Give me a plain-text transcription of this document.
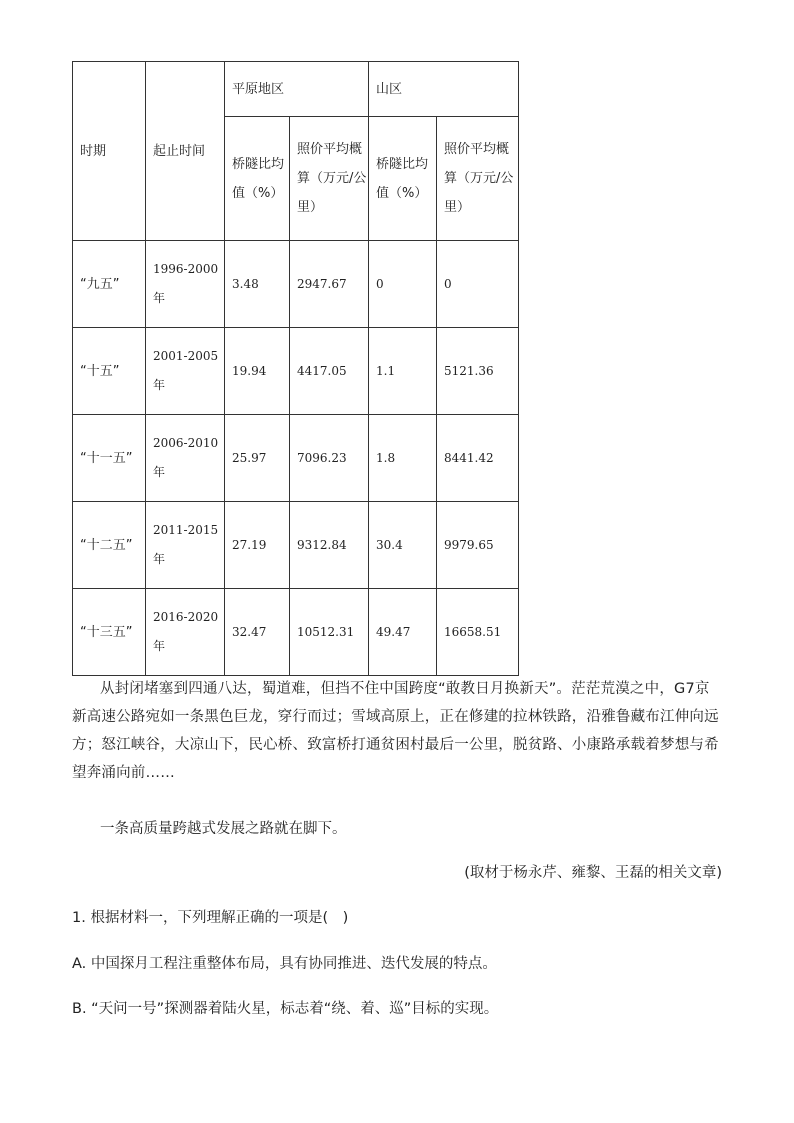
时期	起止时间	平原地区		山区	
		桥隧比均值（%）	照价平均概算（万元/公里）	桥隧比均值（%）	照价平均概算（万元/公里）
“九五”	1996-2000年	3.48	2947.67	0	0
“十五”	2001-2005年	19.94	4417.05	1.1	5121.36
“十一五”	2006-2010年	25.97	7096.23	1.8	8441.42
“十二五”	2011-2015年	27.19	9312.84	30.4	9979.65
“十三五”	2016-2020年	32.47	10512.31	49.47	16658.51

从封闭堵塞到四通八达，蜀道难，但挡不住中国跨度“敢教日月换新天”。茫茫荒漠之中，G7京新高速公路宛如一条黑色巨龙，穿行而过；雪域高原上，正在修建的拉林铁路，沿雅鲁藏布江伸向远方；怒江峡谷，大凉山下，民心桥、致富桥打通贫困村最后一公里，脱贫路、小康路承载着梦想与希望奔涌向前……

一条高质量跨越式发展之路就在脚下。

(取材于杨永芹、雍黎、王磊的相关文章)

1. 根据材料一，下列理解正确的一项是(　)

A. 中国探月工程注重整体布局，具有协同推进、迭代发展的特点。

B. “天问一号”探测器着陆火星，标志着“绕、着、巡”目标的实现。
